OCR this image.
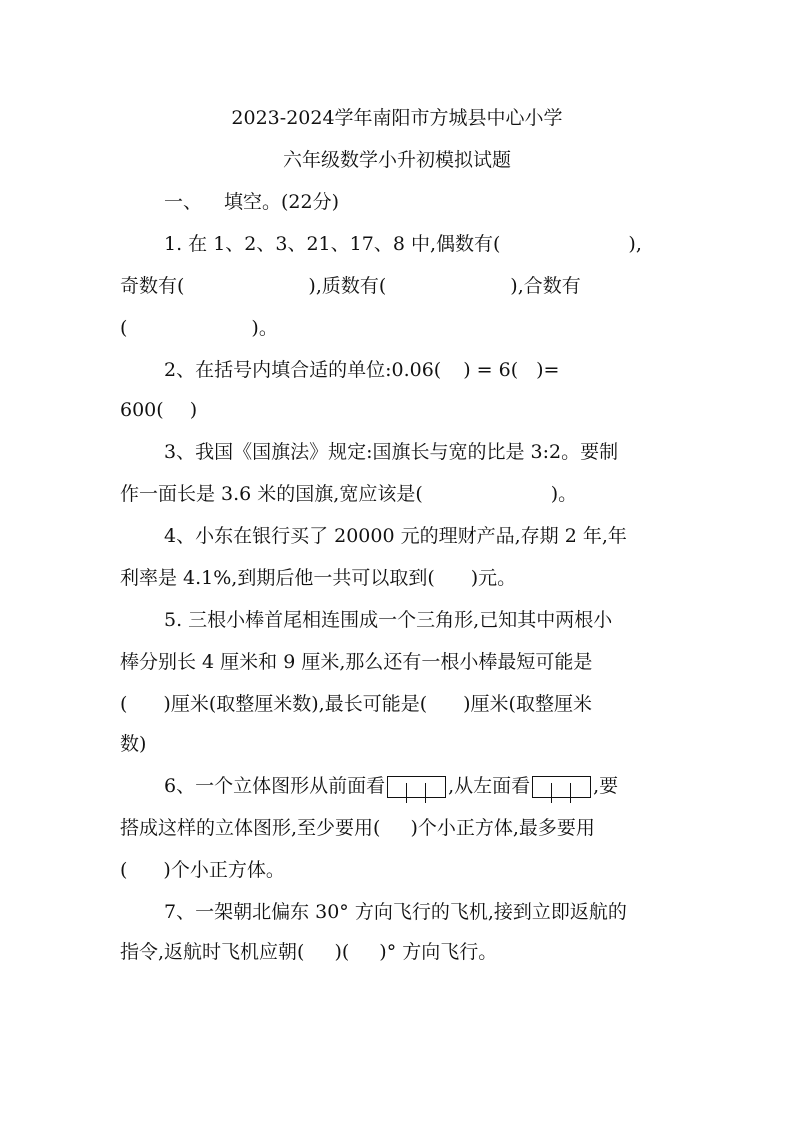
2023-2024学年南阳市方城县中心小学
六年级数学小升初模拟试题
一、 填空。(22分)
1. 在 1、2、3、21、17、8 中,偶数有(	),
奇数有(	),质数有(	),合数有
(	)。
2、在括号内填合适的单位:0.06( ) = 6( )=
600( )
3、我国《国旗法》规定:国旗长与宽的比是 3:2。要制
作一面长是 3.6 米的国旗,宽应该是(	)。
4、小东在银行买了 20000 元的理财产品,存期 2 年,年
利率是 4.1%,到期后他一共可以取到( )元。
5. 三根小棒首尾相连围成一个三角形,已知其中两根小
棒分别长 4 厘米和 9 厘米,那么还有一根小棒最短可能是
( )厘米(取整厘米数),最长可能是( )厘米(取整厘米
数)
6、一个立体图形从前面看	,从左面看	,要
搭成这样的立体图形,至少要用( )个小正方体,最多要用
( )个小正方体。
7、一架朝北偏东 30° 方向飞行的飞机,接到立即返航的
指令,返航时飞机应朝( )( )° 方向飞行。
